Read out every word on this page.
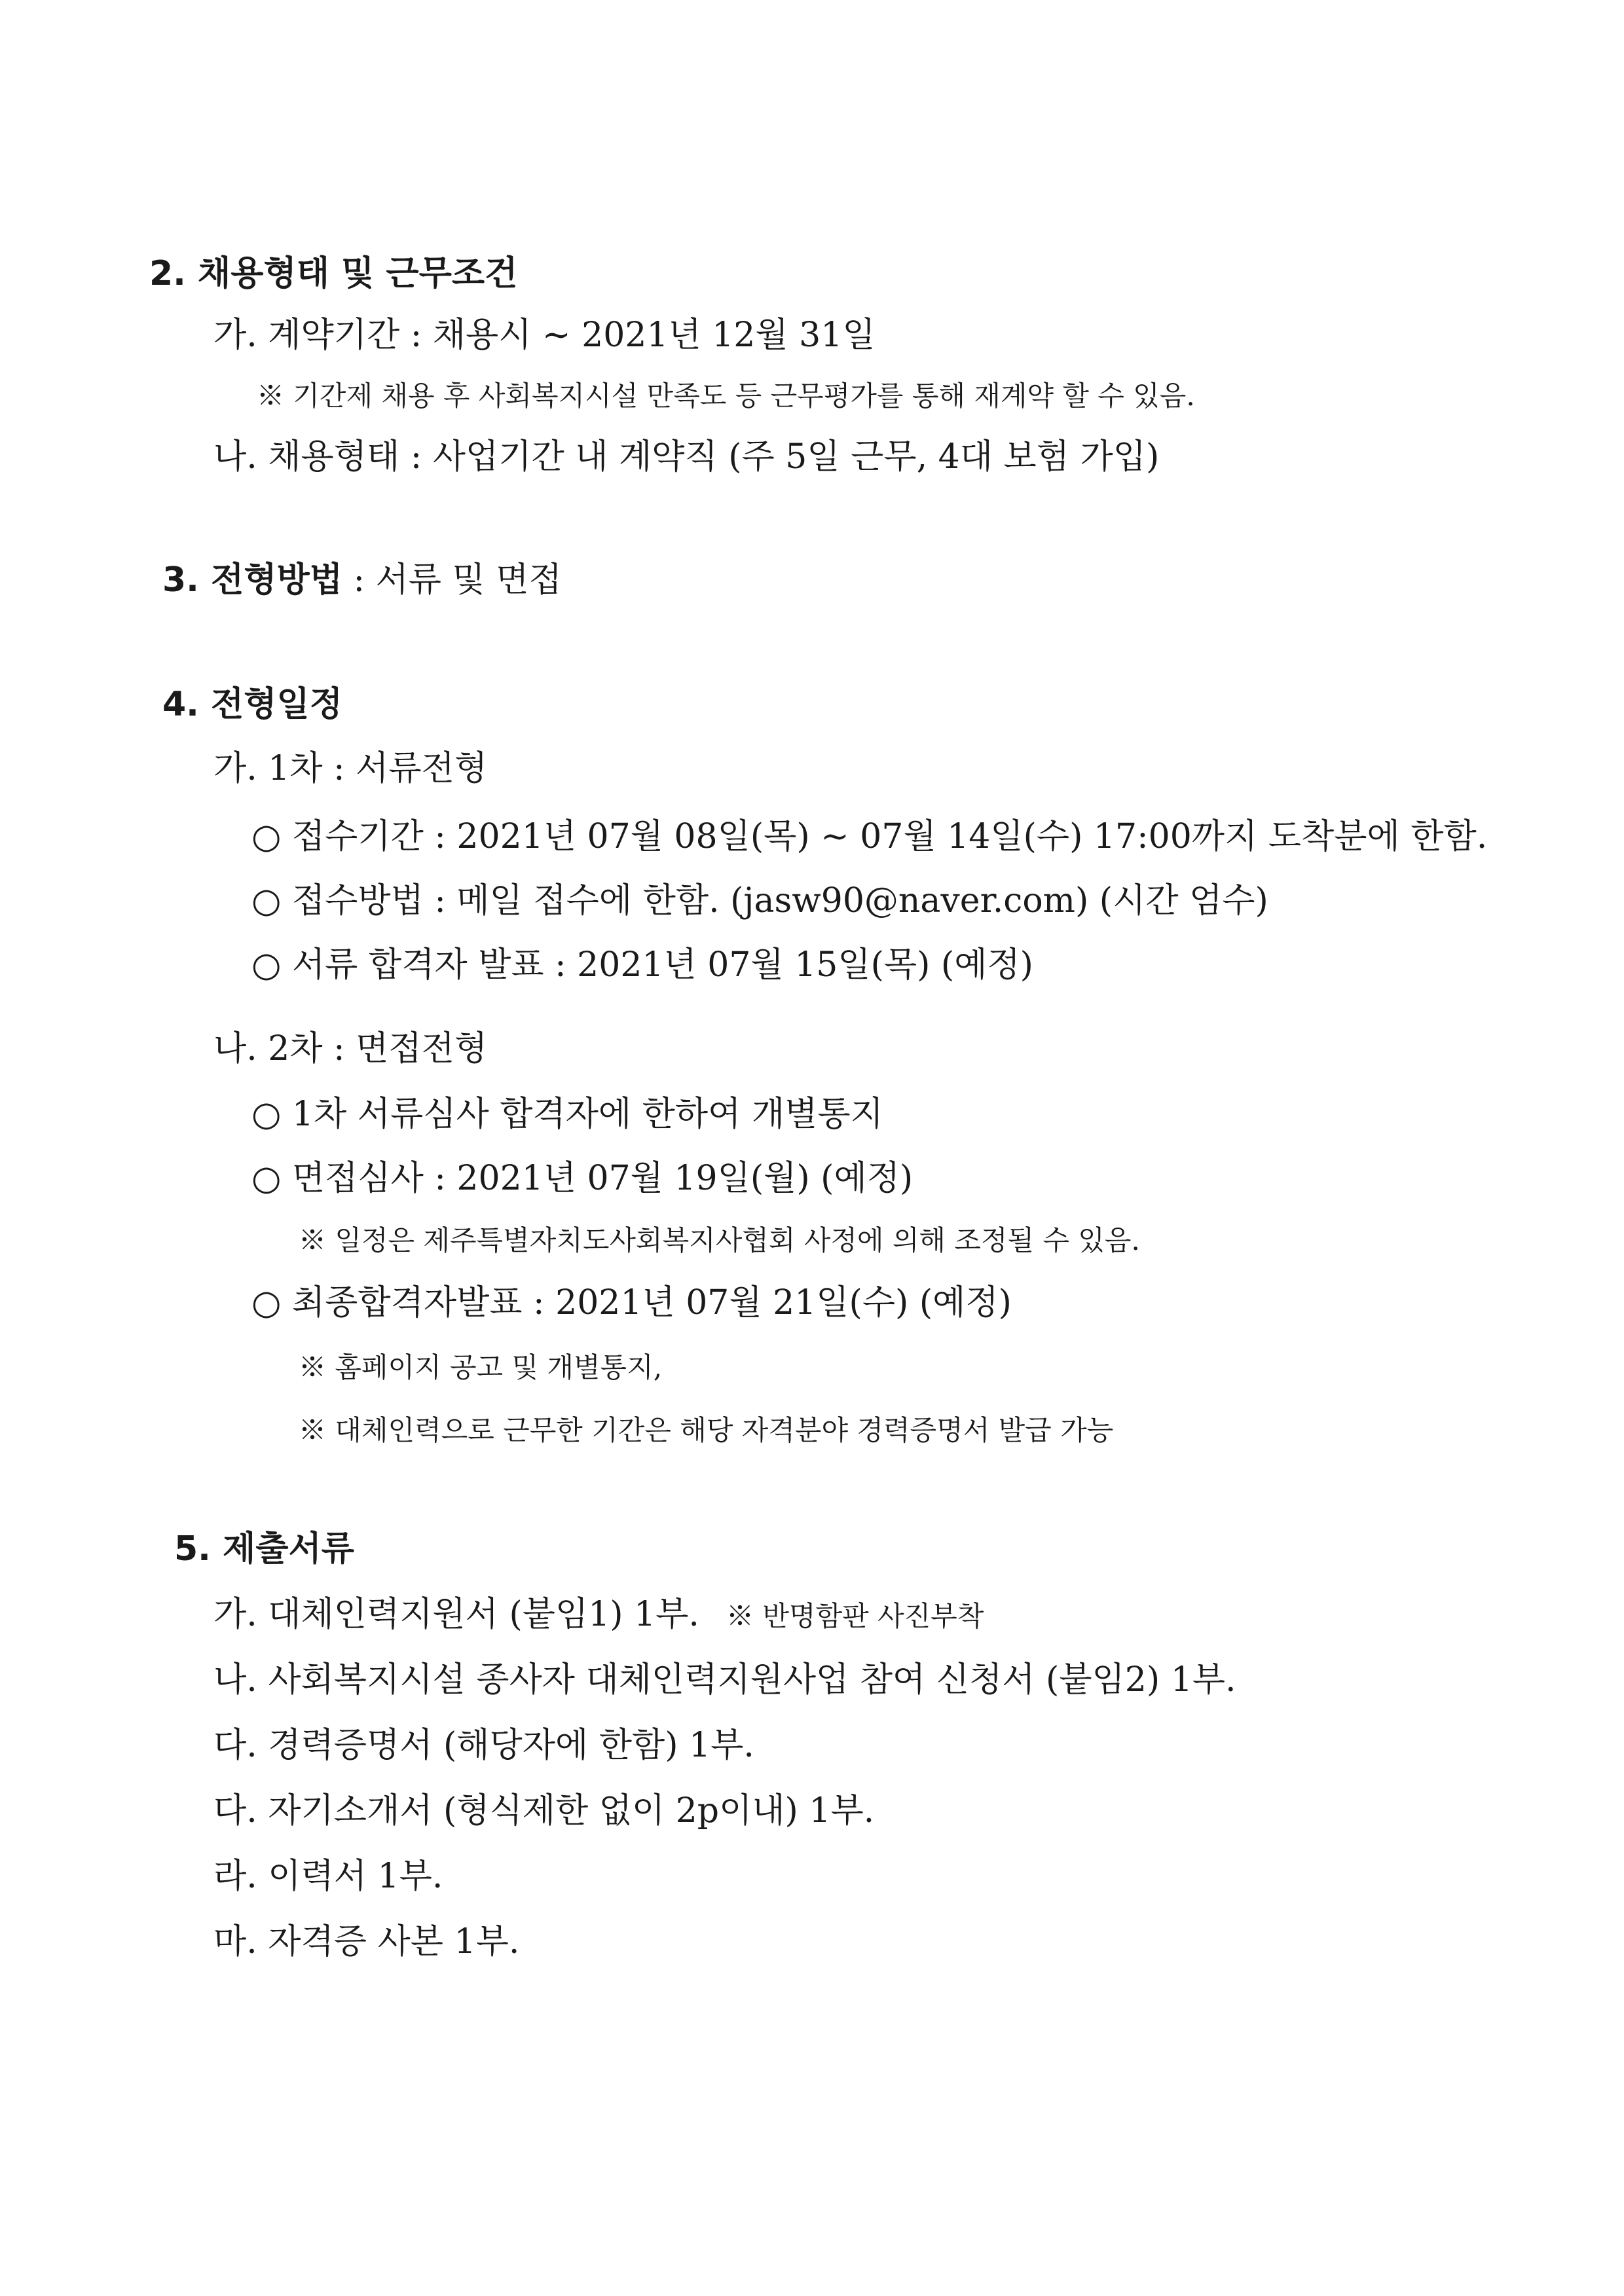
2. 채용형태 및 근무조건
가. 계약기간 : 채용시 ~ 2021년 12월 31일
※ 기간제 채용 후 사회복지시설 만족도 등 근무평가를 통해 재계약 할 수 있음.
나. 채용형태 : 사업기간 내 계약직 (주 5일 근무, 4대 보험 가입)
3. 전형방법 : 서류 및 면접
4. 전형일정
가. 1차 : 서류전형
○ 접수기간 : 2021년 07월 08일(목) ~ 07월 14일(수) 17:00까지 도착분에 한함.
○ 접수방법 : 메일 접수에 한함. (jasw90@naver.com) (시간 엄수)
○ 서류 합격자 발표 : 2021년 07월 15일(목) (예정)
나. 2차 : 면접전형
○ 1차 서류심사 합격자에 한하여 개별통지
○ 면접심사 : 2021년 07월 19일(월) (예정)
※ 일정은 제주특별자치도사회복지사협회 사정에 의해 조정될 수 있음.
○ 최종합격자발표 : 2021년 07월 21일(수) (예정)
※ 홈페이지 공고 및 개별통지,
※ 대체인력으로 근무한 기간은 해당 자격분야 경력증명서 발급 가능
5. 제출서류
가. 대체인력지원서 (붙임1) 1부. ※ 반명함판 사진부착
나. 사회복지시설 종사자 대체인력지원사업 참여 신청서 (붙임2) 1부.
다. 경력증명서 (해당자에 한함) 1부.
다. 자기소개서 (형식제한 없이 2p이내) 1부.
라. 이력서 1부.
마. 자격증 사본 1부.
